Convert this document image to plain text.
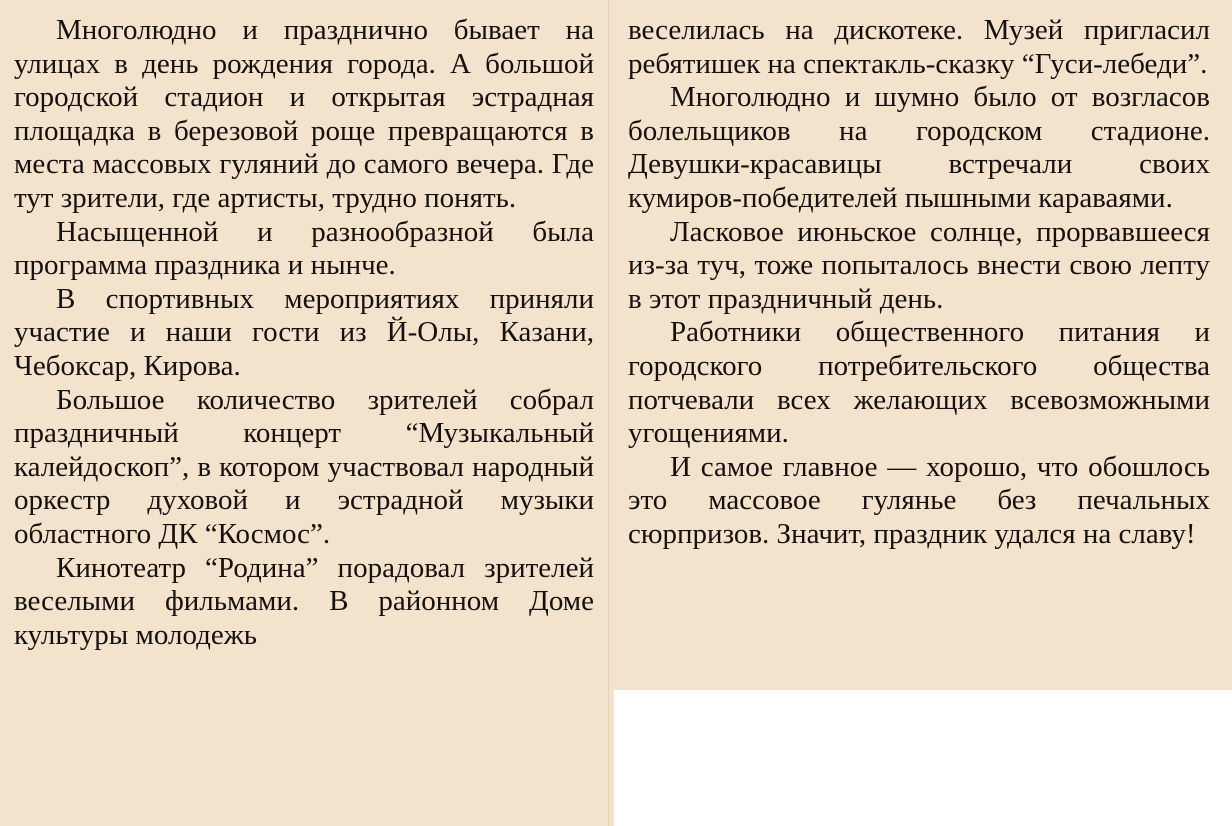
Многолюдно и празднично бывает на улицах в день рождения города. А большой городской стадион и открытая эстрадная площадка в березовой роще превращаются в места массовых гуляний до самого вечера. Где тут зрители, где артисты, трудно понять.

Насыщенной и разнообразной была программа праздника и нынче.

В спортивных мероприятиях приняли участие и наши гости из Й-Олы, Казани, Чебоксар, Кирова.

Большое количество зрителей собрал праздничный концерт “Музыкальный калейдоскоп”, в котором участвовал народный оркестр духовой и эстрадной музыки областного ДК “Космос”.

Кинотеатр “Родина” порадовал зрителей веселыми фильмами. В районном Доме культуры молодежь

веселилась на дискотеке. Музей пригласил ребятишек на спектакль-сказку “Гуси-лебеди”.

Многолюдно и шумно было от возгласов болельщиков на городском стадионе. Девушки-красавицы встречали своих кумиров-победителей пышными караваями.

Ласковое июньское солнце, прорвавшееся из-за туч, тоже попыталось внести свою лепту в этот праздничный день.

Работники общественного питания и городского потребительского общества потчевали всех желающих всевозможными угощениями.

И самое главное — хорошо, что обошлось это массовое гулянье без печальных сюрпризов. Значит, праздник удался на славу!
